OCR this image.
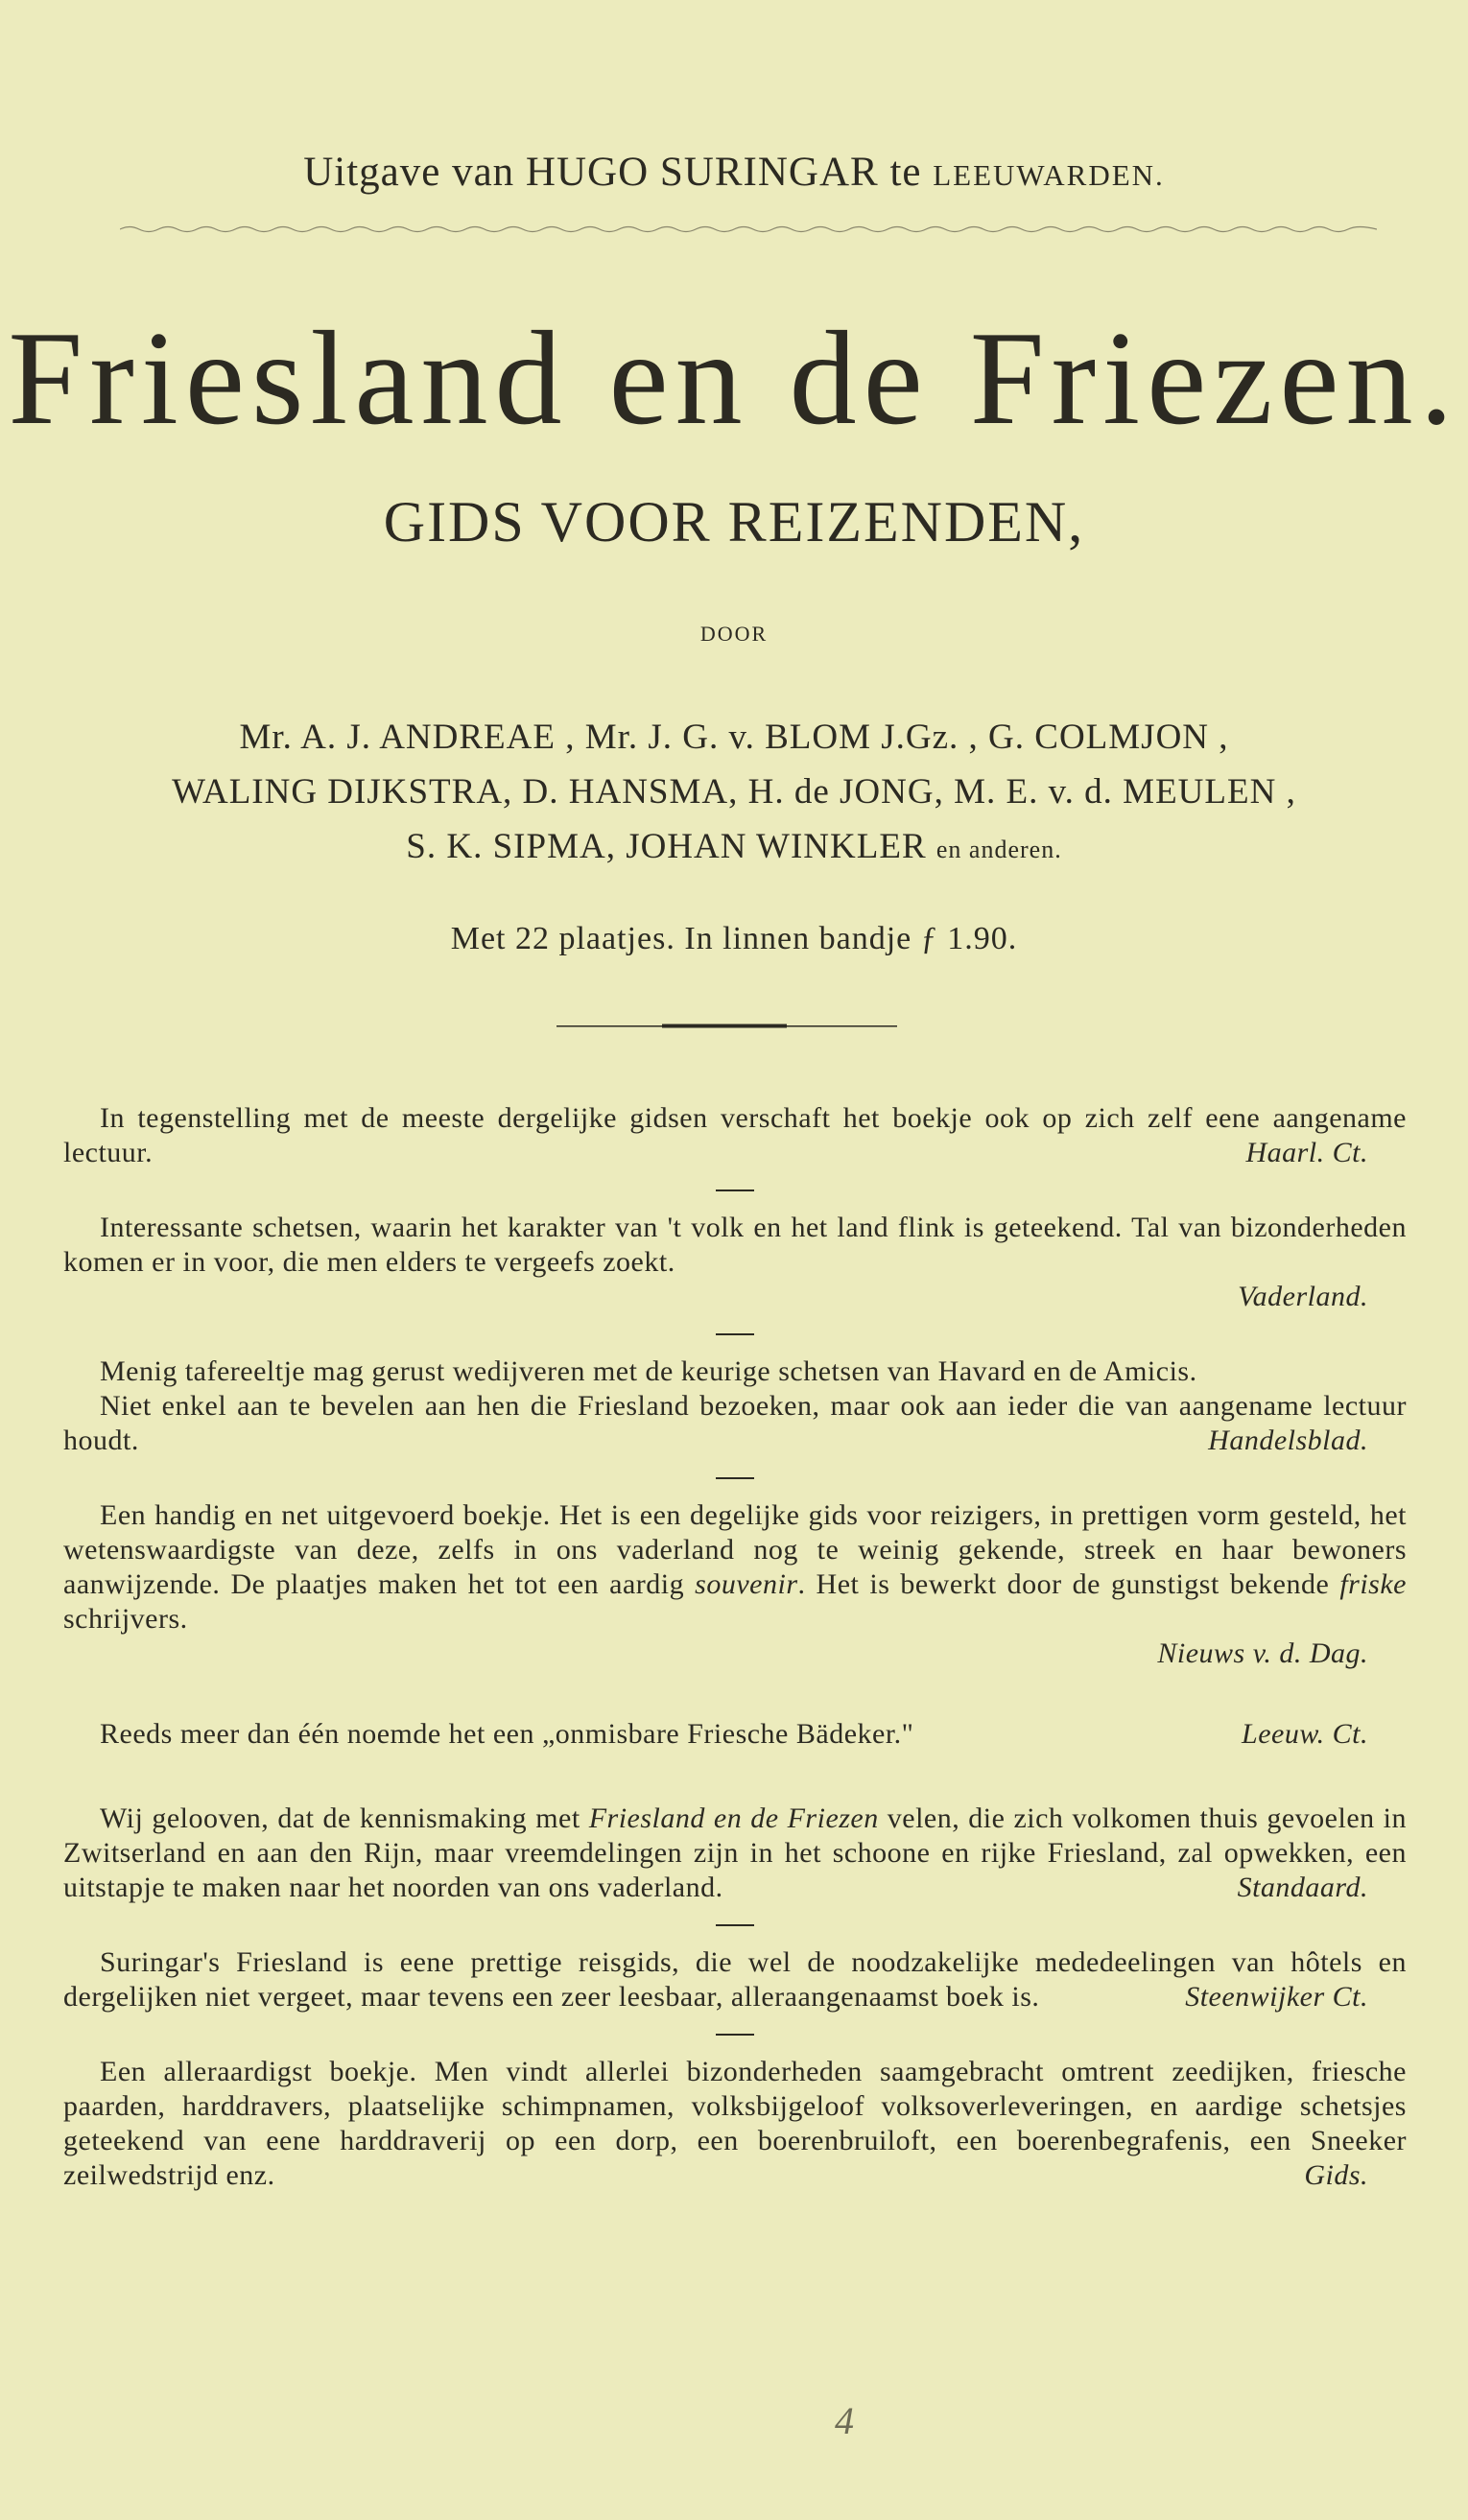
Uitgave van HUGO SURINGAR te LEEUWARDEN.
Friesland en de Friezen.
GIDS VOOR REIZENDEN,
DOOR
Mr. A. J. ANDREAE , Mr. J. G. v. BLOM J.Gz. , G. COLMJON ,
WALING DIJKSTRA, D. HANSMA, H. de JONG, M. E. v. d. MEULEN ,
S. K. SIPMA, JOHAN WINKLER en anderen.
Met 22 plaatjes. In linnen bandje ƒ 1.90.

In tegenstelling met de meeste dergelijke gidsen verschaft het boekje ook op zich zelf eene aangename lectuur.	Haarl. Ct.

Interessante schetsen, waarin het karakter van 't volk en het land flink is geteekend. Tal van bizonderheden komen er in voor, die men elders te vergeefs zoekt.

Vaderland.

Menig tafereeltje mag gerust wedijveren met de keurige schetsen van Havard en de Amicis.

Niet enkel aan te bevelen aan hen die Friesland bezoeken, maar ook aan ieder die van aangename lectuur houdt.	Handelsblad.

Een handig en net uitgevoerd boekje. Het is een degelijke gids voor reizigers, in prettigen vorm gesteld, het wetenswaardigste van deze, zelfs in ons vaderland nog te weinig gekende, streek en haar bewoners aanwijzende. De plaatjes maken het tot een aardig souvenir. Het is bewerkt door de gunstigst bekende friske schrijvers.

Nieuws v. d. Dag.

Reeds meer dan één noemde het een „onmisbare Friesche Bädeker."	Leeuw. Ct.

Wij gelooven, dat de kennismaking met Friesland en de Friezen velen, die zich volkomen thuis gevoelen in Zwitserland en aan den Rijn, maar vreemdelingen zijn in het schoone en rijke Friesland, zal opwekken, een uitstapje te maken naar het noorden van ons vaderland.	Standaard.

Suringar's Friesland is eene prettige reisgids, die wel de noodzakelijke mededeelingen van hôtels en dergelijken niet vergeet, maar tevens een zeer leesbaar, alleraangenaamst boek is.	Steenwijker Ct.

Een alleraardigst boekje. Men vindt allerlei bizonderheden saamgebracht omtrent zeedijken, friesche paarden, harddravers, plaatselijke schimpnamen, volksbijgeloof volksoverleveringen, en aardige schetsjes geteekend van eene harddraverij op een dorp, een boerenbruiloft, een boerenbegrafenis, een Sneeker zeilwedstrijd enz.	Gids.
4
